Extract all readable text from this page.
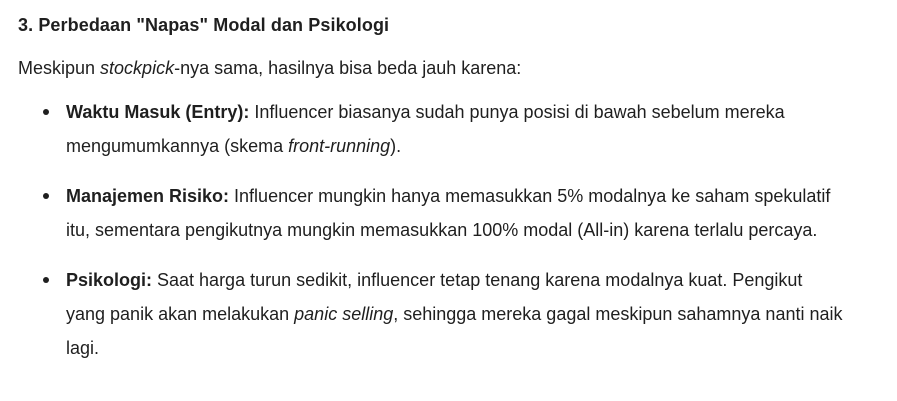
3. Perbedaan "Napas" Modal dan Psikologi

Meskipun stockpick-nya sama, hasilnya bisa beda jauh karena:

Waktu Masuk (Entry): Influencer biasanya sudah punya posisi di bawah sebelum mereka mengumumkannya (skema front-running).
Manajemen Risiko: Influencer mungkin hanya memasukkan 5% modalnya ke saham spekulatif itu, sementara pengikutnya mungkin memasukkan 100% modal (All-in) karena terlalu percaya.
Psikologi: Saat harga turun sedikit, influencer tetap tenang karena modalnya kuat. Pengikut yang panik akan melakukan panic selling, sehingga mereka gagal meskipun sahamnya nanti naik lagi.
